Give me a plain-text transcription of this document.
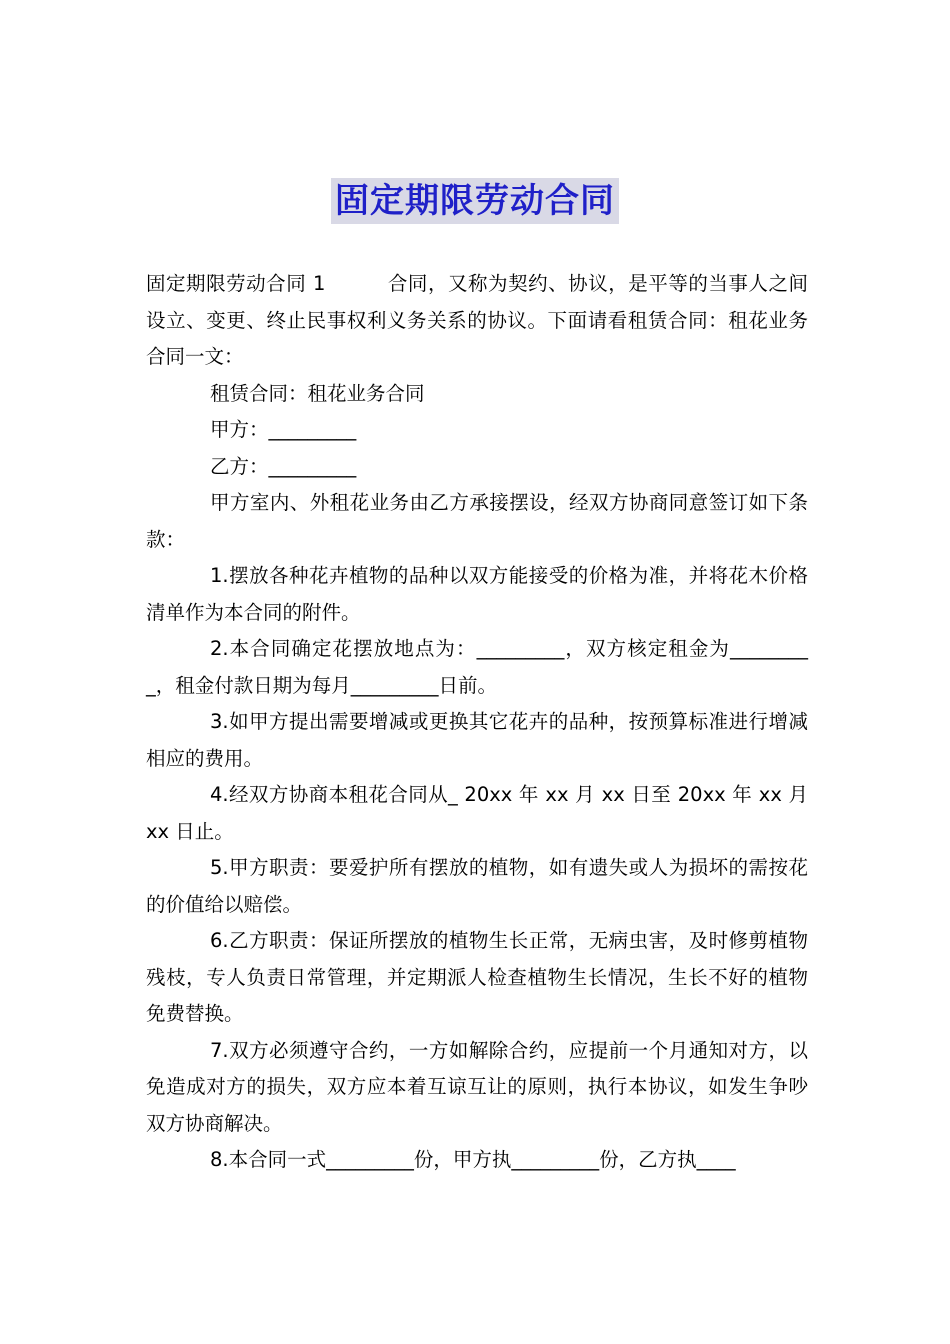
固定期限劳动合同

固定期限劳动合同 1	合同，又称为契约、协议，是平等的当事人之间设立、变更、终止民事权利义务关系的协议。下面请看租赁合同：租花业务合同一文：

租赁合同：租花业务合同

甲方：_________

乙方：_________

甲方室内、外租花业务由乙方承接摆设，经双方协商同意签订如下条款：

1.摆放各种花卉植物的品种以双方能接受的价格为准，并将花木价格清单作为本合同的附件。

2.本合同确定花摆放地点为：_________，双方核定租金为_________，租金付款日期为每月_________日前。

3.如甲方提出需要增减或更换其它花卉的品种，按预算标准进行增减相应的费用。

4.经双方协商本租花合同从_ 20xx 年 xx 月 xx 日至 20xx 年 xx 月 xx 日止。

5.甲方职责：要爱护所有摆放的植物，如有遗失或人为损坏的需按花的价值给以赔偿。

6.乙方职责：保证所摆放的植物生长正常，无病虫害，及时修剪植物残枝，专人负责日常管理，并定期派人检查植物生长情况，生长不好的植物免费替换。

7.双方必须遵守合约，一方如解除合约，应提前一个月通知对方，以免造成对方的损失，双方应本着互谅互让的原则，执行本协议，如发生争吵双方协商解决。

8.本合同一式_________份，甲方执_________份，乙方执____
